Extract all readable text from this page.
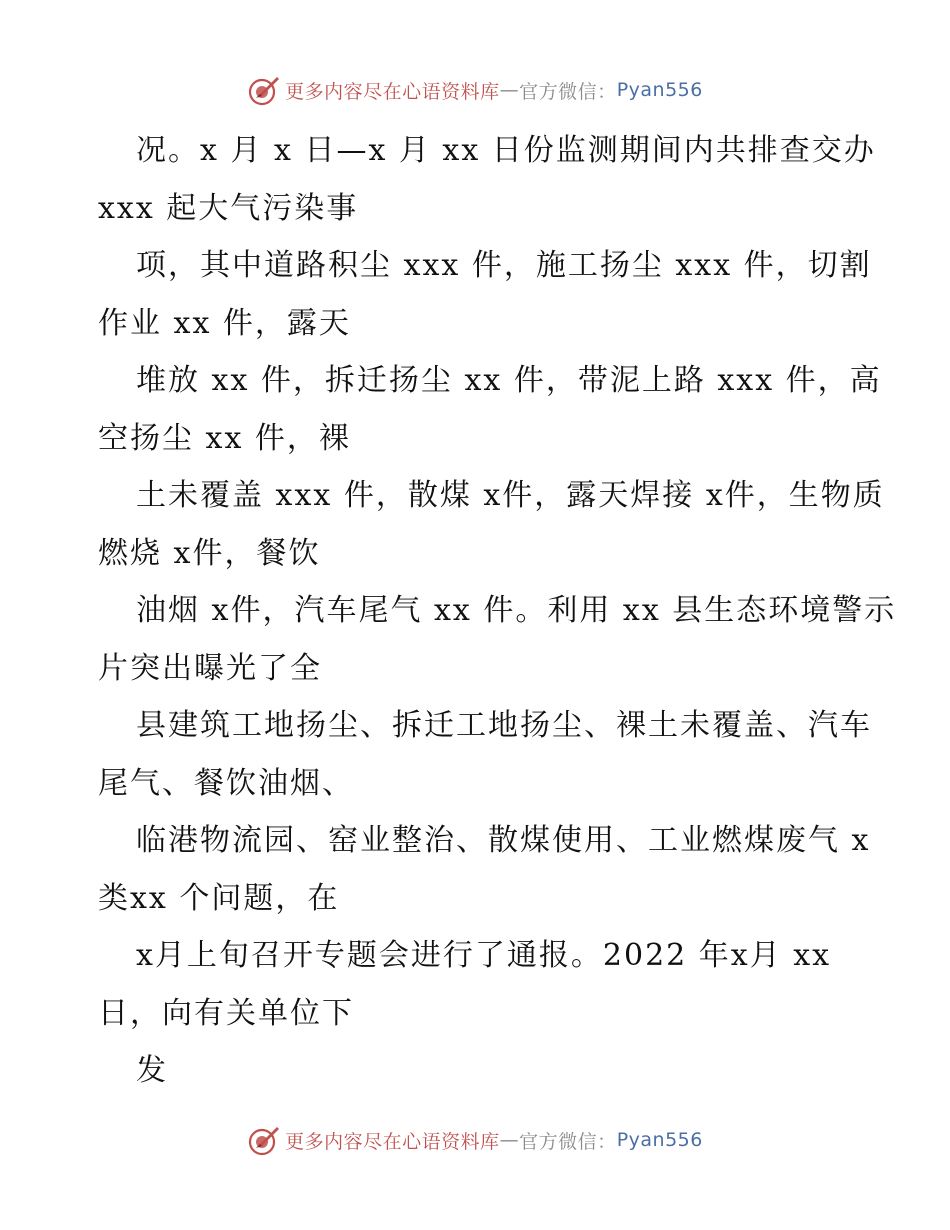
更多内容尽在心语资料库 — 官方微信： Pyan556

况。x 月 x 日—x 月 xx 日份监测期间内共排查交办 xxx 起大气污染事

项，其中道路积尘 xxx 件，施工扬尘 xxx 件，切割作业 xx 件，露天

堆放 xx 件，拆迁扬尘 xx 件，带泥上路 xxx 件，高空扬尘 xx 件，裸

土未覆盖 xxx 件，散煤 x件，露天焊接 x件，生物质燃烧 x件，餐饮

油烟 x件，汽车尾气 xx 件。利用 xx 县生态环境警示片突出曝光了全

县建筑工地扬尘、拆迁工地扬尘、裸土未覆盖、汽车尾气、餐饮油烟、

临港物流园、窑业整治、散煤使用、工业燃煤废气 x类xx 个问题，在

x月上旬召开专题会进行了通报。2022 年x月 xx 日，向有关单位下

发

更多内容尽在心语资料库 — 官方微信： Pyan556
